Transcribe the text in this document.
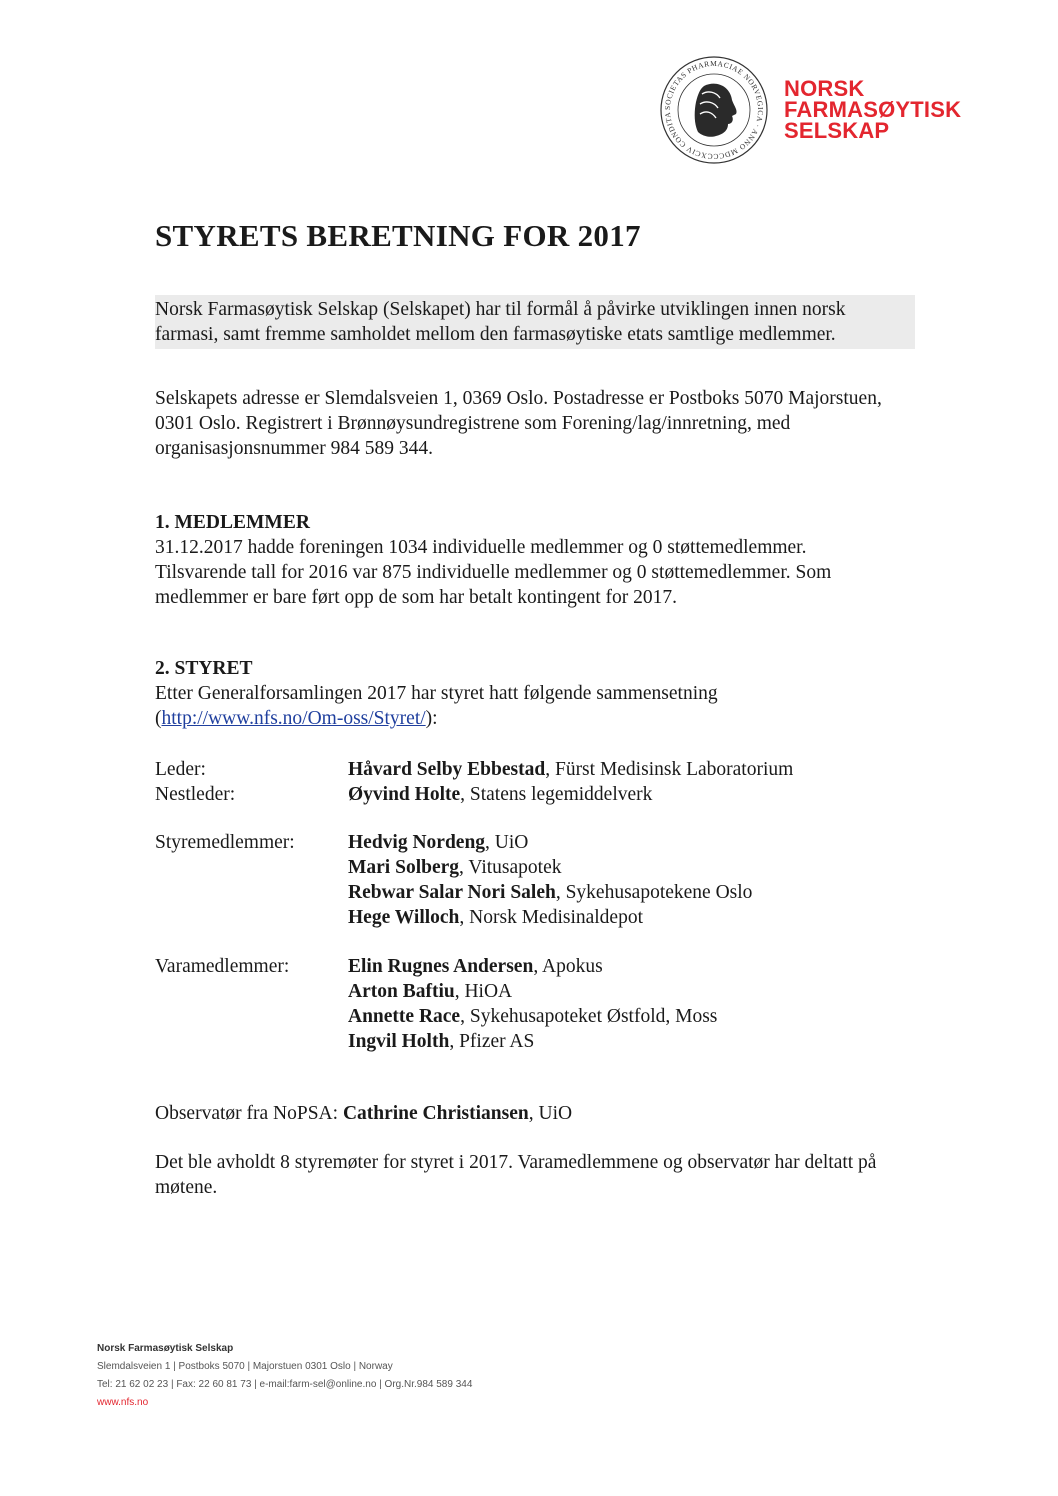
SOCIETAS PHARMACIAE NORVEGICA · ANNO MDCCCXCIV CONDITA
NORSK
FARMASØYTISK
SELSKAP
STYRETS BERETNING FOR 2017
Norsk Farmasøytisk Selskap (Selskapet) har til formål å påvirke utviklingen innen norsk
farmasi, samt fremme samholdet mellom den farmasøytiske etats samtlige medlemmer.
Selskapets adresse er Slemdalsveien 1, 0369 Oslo. Postadresse er Postboks 5070 Majorstuen,
0301 Oslo. Registrert i Brønnøysundregistrene som Forening/lag/innretning, med
organisasjonsnummer 984 589 344.
1. MEDLEMMER
31.12.2017 hadde foreningen 1034 individuelle medlemmer og 0 støttemedlemmer.
Tilsvarende tall for 2016 var 875 individuelle medlemmer og 0 støttemedlemmer. Som
medlemmer er bare ført opp de som har betalt kontingent for 2017.
2. STYRET
Etter Generalforsamlingen 2017 har styret hatt følgende sammensetning
(http://www.nfs.no/Om-oss/Styret/):
Leder:	Håvard Selby Ebbestad, Fürst Medisinsk Laboratorium
Nestleder:	Øyvind Holte, Statens legemiddelverk
Styremedlemmer:	Hedvig Nordeng, UiO
Mari Solberg, Vitusapotek
Rebwar Salar Nori Saleh, Sykehusapotekene Oslo
Hege Willoch, Norsk Medisinaldepot
Varamedlemmer:	Elin Rugnes Andersen, Apokus
Arton Baftiu, HiOA
Annette Race, Sykehusapoteket Østfold, Moss
Ingvil Holth, Pfizer AS
Observatør fra NoPSA: Cathrine Christiansen, UiO
Det ble avholdt 8 styremøter for styret i 2017. Varamedlemmene og observatør har deltatt på
møtene.
Norsk Farmasøytisk Selskap
Slemdalsveien 1 | Postboks 5070 | Majorstuen 0301 Oslo | Norway
Tel: 21 62 02 23 | Fax: 22 60 81 73 | e-mail:farm-sel@online.no | Org.Nr.984 589 344
www.nfs.no
